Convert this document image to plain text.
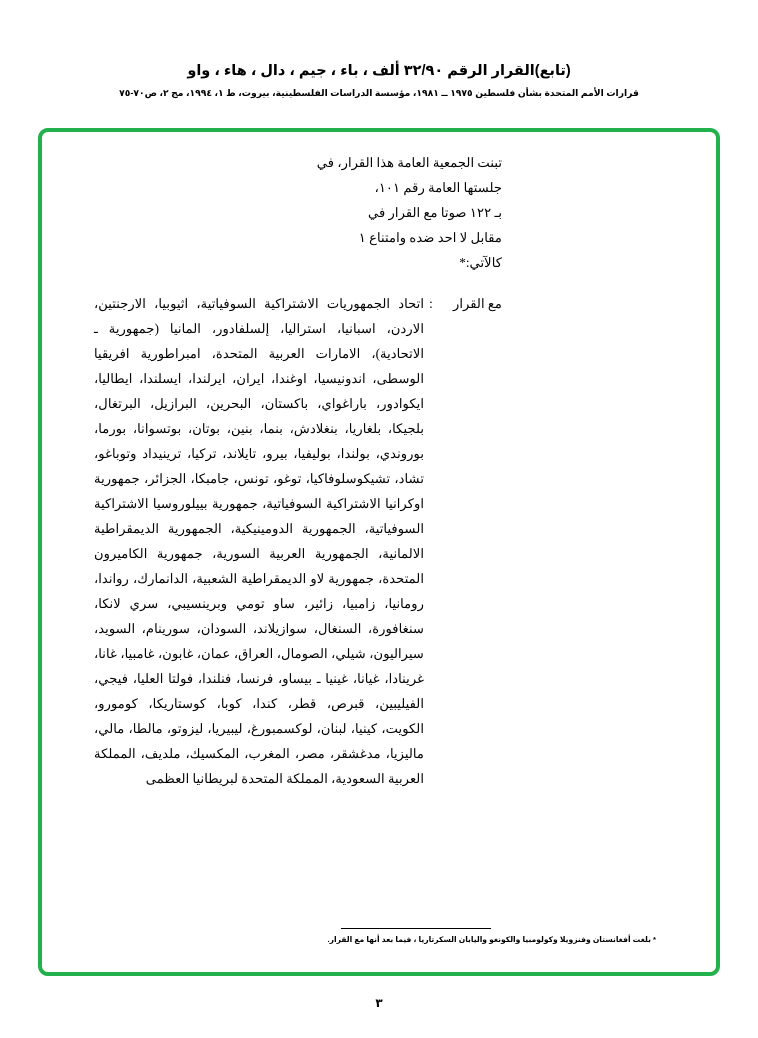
(تابع)القرار الرقم ٣٢/٩٠ ألف ، باء ، جيم ، دال ، هاء ، واو
قرارات الأمم المتحدة بشأن فلسطين ١٩٧٥ ــ ١٩٨١، مؤسسة الدراسات الفلسطينية، بيروت، ط ١، ١٩٩٤، مج ٢، ص٧٠-٧٥

تبنت الجمعية العامة هذا القرار، في

جلستها العامة رقم ١٠١،

بـ ١٢٢ صوتا مع القرار في

مقابل لا احد ضده وامتناع ١

كالآتي:*

مع القرار
:

اتحاد الجمهوريات الاشتراكية السوفياتية، اثيوبيا، الارجنتين، الاردن، اسبانيا، استراليا، إلسلفادور، المانيا (جمهورية ـ الاتحادية)، الامارات العربية المتحدة، امبراطورية افريقيا الوسطى، اندونيسيا، اوغندا، ايران، ايرلندا، ايسلندا، ايطاليا، ايكوادور، باراغواي، باكستان، البحرين، البرازيل، البرتغال، بلجيكا، بلغاريا، بنغلادش، بنما، بنين، بوتان، بوتسوانا، بورما، بوروندي، بولندا، بوليفيا، بيرو، تايلاند، تركيا، ترينيداد وتوباغو، تشاد، تشيكوسلوفاكيا، توغو، تونس، جامبكا، الجزائر، جمهورية اوكرانيا الاشتراكية السوفياتية، جمهورية بييلوروسيا الاشتراكية السوفياتية، الجمهورية الدومينيكية، الجمهورية الديمقراطية الالمانية، الجمهورية العربية السورية، جمهورية الكاميرون المتحدة، جمهورية لاو الديمقراطية الشعبية، الدانمارك، رواندا، رومانيا، زامبيا، زائير، ساو تومي وبرينسيبي، سري لانكا، سنغافورة، السنغال، سوازيلاند، السودان، سورينام، السويد، سيراليون، شيلي، الصومال، العراق، عمان، غابون، غامبيا، غانا، غرينادا، غيانا، غينيا ـ بيساو، فرنسا، فنلندا، فولتا العليا، فيجي، الفيليبين، قبرص، قطر، كندا، كوبا، كوستاريكا، كومورو، الكويت، كينيا، لبنان، لوكسمبورغ، ليبيريا، ليزوتو، مالطا، مالي، ماليزيا، مدغشقر، مصر، المغرب، المكسيك، ملديف، المملكة العربية السعودية، المملكة المتحدة لبريطانيا العظمى

* بلغت أفغانستان وفنزويلا وكولومبيا والكونغو واليابان السكرتاريا ، فيما بعد أنها مع القرار.
٣
